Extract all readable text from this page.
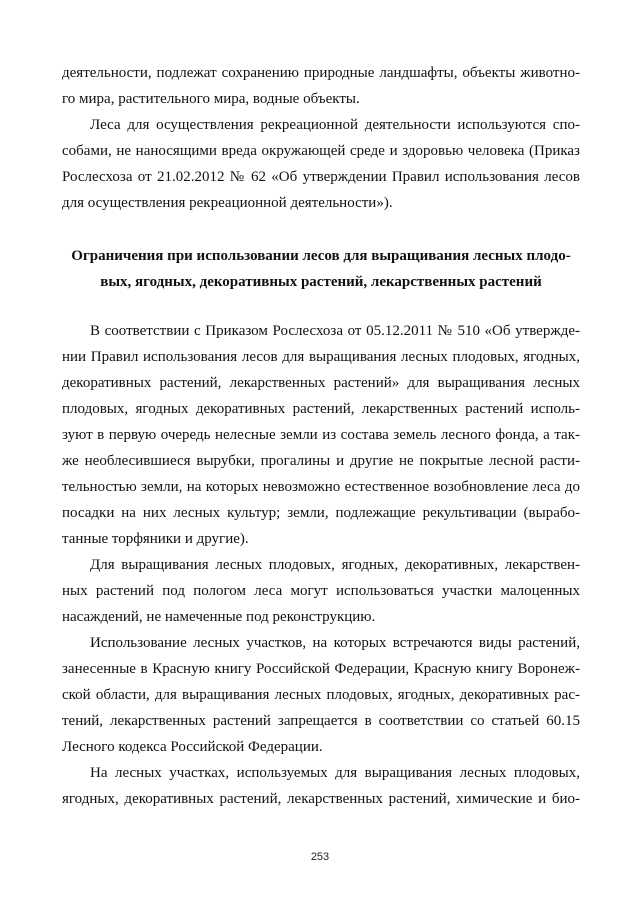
деятельности, подлежат сохранению природные ландшафты, объекты животно-
го мира, растительного мира, водные объекты.
Леса для осуществления рекреационной деятельности используются спо-
собами, не наносящими вреда окружающей среде и здоровью человека (Приказ
Рослесхоза от 21.02.2012 № 62 «Об утверждении Правил использования лесов
для осуществления рекреационной деятельности»).
Ограничения при использовании лесов для выращивания лесных плодо-
вых, ягодных, декоративных растений, лекарственных растений
В соответствии с Приказом Рослесхоза от 05.12.2011 № 510 «Об утвержде-
нии Правил использования лесов для выращивания лесных плодовых, ягодных,
декоративных растений, лекарственных растений» для выращивания лесных
плодовых, ягодных декоративных растений, лекарственных растений исполь-
зуют в первую очередь нелесные земли из состава земель лесного фонда, а так-
же необлесившиеся вырубки, прогалины и другие не покрытые лесной расти-
тельностью земли, на которых невозможно естественное возобновление леса до
посадки на них лесных культур; земли, подлежащие рекультивации (вырабо-
танные торфяники и другие).
Для выращивания лесных плодовых, ягодных, декоративных, лекарствен-
ных растений под пологом леса могут использоваться участки малоценных
насаждений, не намеченные под реконструкцию.
Использование лесных участков, на которых встречаются виды растений,
занесенные в Красную книгу Российской Федерации, Красную книгу Воронеж-
ской области, для выращивания лесных плодовых, ягодных, декоративных рас-
тений, лекарственных растений запрещается в соответствии со статьей 60.15
Лесного кодекса Российской Федерации.
На лесных участках, используемых для выращивания лесных плодовых,
ягодных, декоративных растений, лекарственных растений, химические и био-
253
